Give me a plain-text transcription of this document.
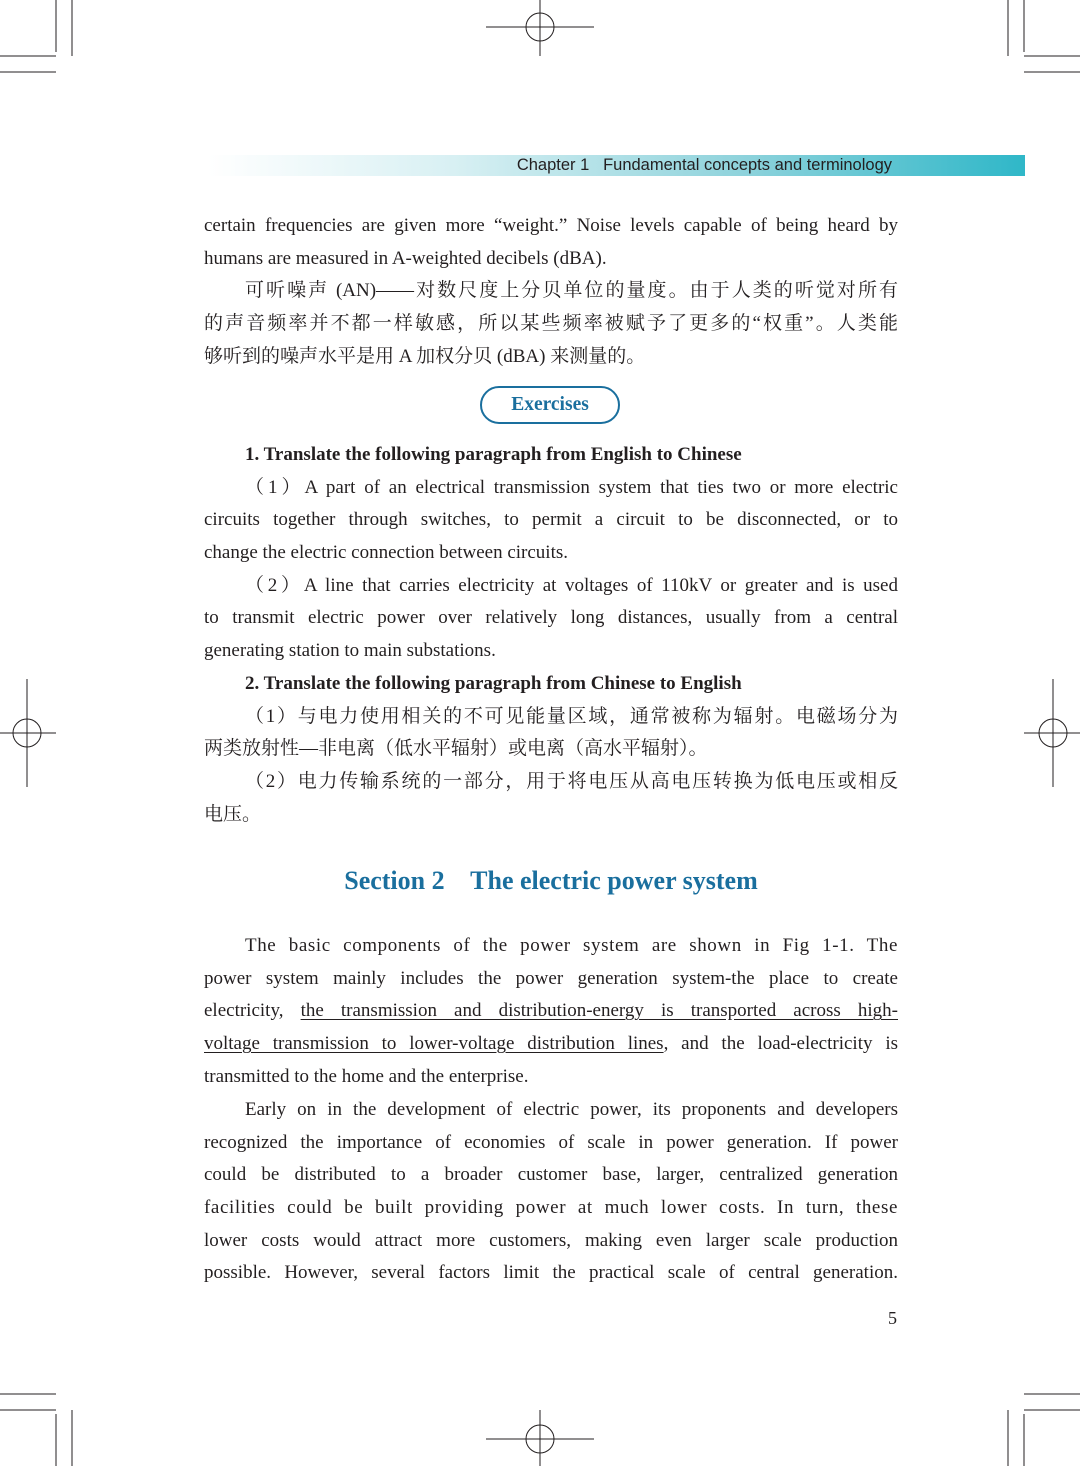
Chapter 1 Fundamental concepts and terminology

certain frequencies are given more “weight.” Noise levels capable of being heard by

humans are measured in A-weighted decibels (dBA).

可听噪声 (AN)——对数尺度上分贝单位的量度。由于人类的听觉对所有

的声音频率并不都一样敏感，所以某些频率被赋予了更多的“权重”。人类能

够听到的噪声水平是用 A 加权分贝 (dBA) 来测量的。

Exercises

1. Translate the following paragraph from English to Chinese

（1）A part of an electrical transmission system that ties two or more electric

circuits together through switches, to permit a circuit to be disconnected, or to

change the electric connection between circuits.

（2）A line that carries electricity at voltages of 110kV or greater and is used

to transmit electric power over relatively long distances, usually from a central

generating station to main substations.

2. Translate the following paragraph from Chinese to English

（1）与电力使用相关的不可见能量区域，通常被称为辐射。电磁场分为

两类放射性—非电离（低水平辐射）或电离（高水平辐射）。

（2）电力传输系统的一部分，用于将电压从高电压转换为低电压或相反

电压。

Section 2 The electric power system

The basic components of the power system are shown in Fig 1-1. The

power system mainly includes the power generation system-the place to create

electricity, the transmission and distribution-energy is transported across high-

voltage transmission to lower-voltage distribution lines, and the load-electricity is

transmitted to the home and the enterprise.

Early on in the development of electric power, its proponents and developers

recognized the importance of economies of scale in power generation. If power

could be distributed to a broader customer base, larger, centralized generation

facilities could be built providing power at much lower costs. In turn, these

lower costs would attract more customers, making even larger scale production

possible. However, several factors limit the practical scale of central generation.

5
